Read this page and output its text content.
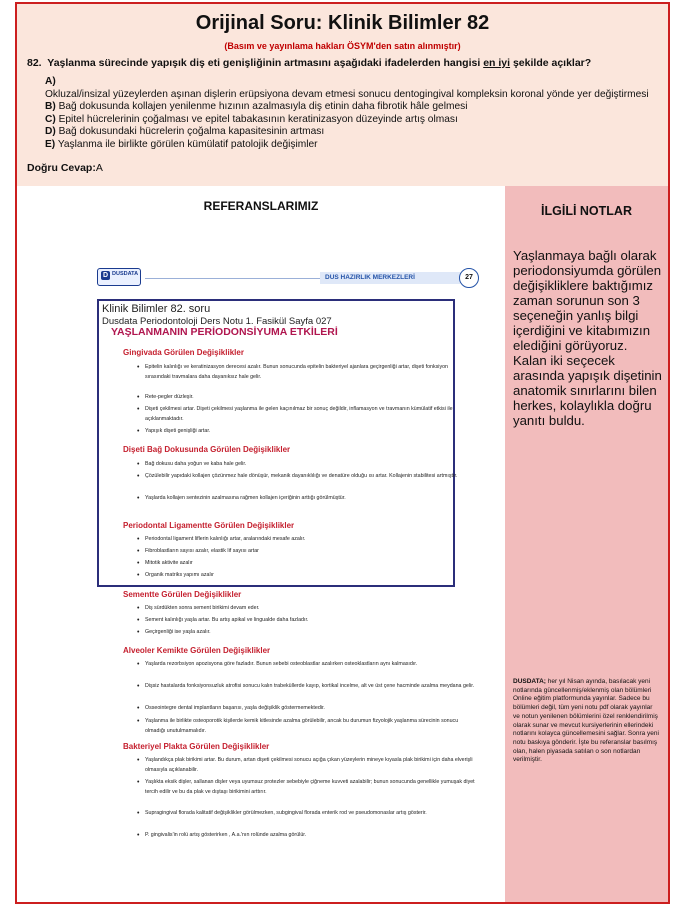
Orijinal Soru: Klinik Bilimler 82
(Basım ve yayınlama hakları ÖSYM'den satın alınmıştır)
82. Yaşlanma sürecinde yapışık diş eti genişliğinin artmasını aşağıdaki ifadelerden hangisi en iyi şekilde açıklar?
A)
Okluzal/insizal yüzeylerden aşınan dişlerin erüpsiyona devam etmesi sonucu dentogingival kompleksin koronal yönde yer değiştirmesi
B) Bağ dokusunda kollajen yenilenme hızının azalmasıyla diş etinin daha fibrotik hâle gelmesi
C) Epitel hücrelerinin çoğalması ve epitel tabakasının keratinizasyon düzeyinde artış olması
D) Bağ dokusundaki hücrelerin çoğalma kapasitesinin artması
E) Yaşlanma ile birlikte görülen kümülatif patolojik değişimler
Doğru Cevap:A
REFERANSLARIMIZ
D DUSDATA	DUS HAZIRLIK MERKEZLERİ	27
Klinik Bilimler 82. soru
Dusdata Periodontoloji Ders Notu 1. Fasikül Sayfa 027
YAŞLANMANIN PERİODONSİYUMA ETKİLERİ
Gingivada Görülen Değişiklikler
• Epitelin kalınlığı ve keratinizasyon derecesi azalır. Bunun sonucunda epitelin bakteriyel ajanlara geçirgenliği artar, dişeti fonksiyon sırasındaki travmalara daha dayanıksız hale gelir.
• Rete-pegler düzleşir.
• Dişeti çekilmesi artar. Dişeti çekilmesi yaşlanma ile gelen kaçınılmaz bir sonuç değildir, inflamasyon ve travmanın kümülatif etkisi ile açıklanmaktadır.
• Yapışık dişeti genişliği artar.
Dişeti Bağ Dokusunda Görülen Değişiklikler
• Bağ dokusu daha yoğun ve kaba hale gelir.
• Çözülebilir yapıdaki kollajen çözünmez hale dönüşür, mekanik dayanıklılığı ve denatüre olduğu ısı artar. Kollajenin stabilitesi artmıştır.
• Yaşlarda kollajen sentezinin azalmasına rağmen kollajen içeriğinin arttığı görülmüştür.
Periodontal Ligamentte Görülen Değişiklikler
• Periodontal ligament liflerin kalınlığı artar, aralarındaki mesafe azalır.
• Fibroblastların sayısı azalır, elastik lif sayısı artar
• Mitotik aktivite azalır
• Organik matriks yapımı azalır
Sementte Görülen Değişiklikler
• Diş sürdükten sonra sement birikimi devam eder.
• Sement kalınlığı yaşla artar. Bu artış apikal ve lingualde daha fazladır.
• Geçirgenliği ise yaşla azalır.
Alveoler Kemikte Görülen Değişiklikler
• Yaşlarda rezorbsiyon apozisyona göre fazladır. Bunun sebebi osteoblastlar azalırken osteoklastların aynı kalmasıdır.
• Dişsiz hastalarda fonksiyonsuzluk atrofisi sonucu kalın trabeküllerde kayıp, kortikal incelme, alt ve üst çene hacminde azalma meydana gelir.
• Osseointegre dental implantların başarısı, yaşla değişiklik göstermemektedir.
• Yaşlanma ile birlikte osteoporotik kişilerde kemik kitlesinde azalma görülebilir, ancak bu durumun fizyolojik yaşlanma sürecinin sonucu olmadığı unutulmamalıdır.
Bakteriyel Plakta Görülen Değişiklikler
• Yaşlandıkça plak birikimi artar. Bu durum, artan dişeti çekilmesi sonucu açığa çıkan yüzeylerin mineye kıyasla plak birikimi için daha elverişli olmasıyla açıklanabilir.
• Yaşlıkta eksik dişler, sallanan dişler veya uyumsuz protezler sebebiyle çiğneme kuvveti azalabilir; bunun sonucunda genellikle yumuşak diyet tercih edilir ve bu da plak ve dıştaşı birikimini arttırır.
• Supragingival florada kalitatif değişiklikler görülmezken, subgingival florada enterik rod ve pseudomonaslar artış gösterir.
• P. gingivalis'in rolü artış gösterirken , A.a.'nın rolünde azalma görülür.
İLGİLİ NOTLAR
Yaşlanmaya bağlı olarak periodonsiyumda görülen değişikliklere baktığımız zaman sorunun son 3 seçeneğin yanlış bilgi içerdiğini ve kitabımızın elediğini görüyoruz. Kalan iki seçecek arasında yapışık dişetinin anatomik sınırlarını bilen herkes, kolaylıkla doğru yanıtı buldu.
DUSDATA; her yıl Nisan ayında, basılacak yeni notlarında güncellenmiş/eklenmiş olan bölümleri Online eğitim platformunda yayınlar. Sadece bu bölümleri değil, tüm yeni notu pdf olarak yayınlar ve notun yenilenen bölümlerini özel renklendirilmiş olarak sunar ve mevcut kursiyerlerinin ellerindeki notlarını kolayca güncellemesini sağlar. Sonra yeni notu baskıya gönderir. İşte bu referanslar basılmış olan, halen piyasada satılan o son notlardan verilmiştir.
